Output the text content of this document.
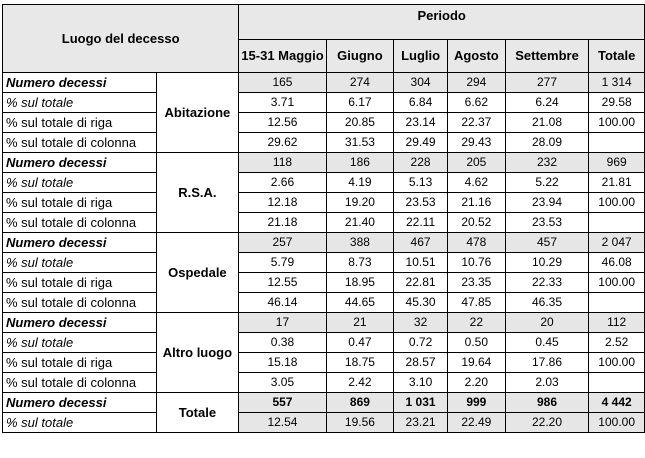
Luogo del decesso		Periodo					
		15-31 Maggio	Giugno	Luglio	Agosto	Settembre	Totale
Numero decessi	Abitazione	165	274	304	294	277	1 314
% sul totale		3.71	6.17	6.84	6.62	6.24	29.58
% sul totale di riga		12.56	20.85	23.14	22.37	21.08	100.00
% sul totale di colonna		29.62	31.53	29.49	29.43	28.09	
Numero decessi	R.S.A.	118	186	228	205	232	969
% sul totale		2.66	4.19	5.13	4.62	5.22	21.81
% sul totale di riga		12.18	19.20	23.53	21.16	23.94	100.00
% sul totale di colonna		21.18	21.40	22.11	20.52	23.53	
Numero decessi	Ospedale	257	388	467	478	457	2 047
% sul totale		5.79	8.73	10.51	10.76	10.29	46.08
% sul totale di riga		12.55	18.95	22.81	23.35	22.33	100.00
% sul totale di colonna		46.14	44.65	45.30	47.85	46.35	
Numero decessi	Altro luogo	17	21	32	22	20	112
% sul totale		0.38	0.47	0.72	0.50	0.45	2.52
% sul totale di riga		15.18	18.75	28.57	19.64	17.86	100.00
% sul totale di colonna		3.05	2.42	3.10	2.20	2.03	
Numero decessi	Totale	557	869	1 031	999	986	4 442
% sul totale		12.54	19.56	23.21	22.49	22.20	100.00
